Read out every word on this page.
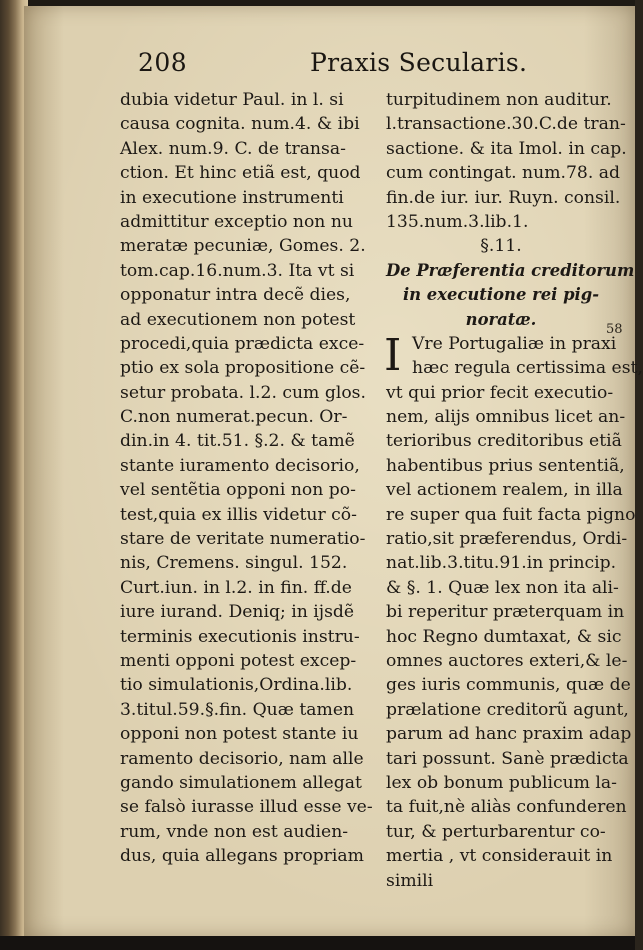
208	Praxis Secularis.
dubia videtur Paul. in l. si
causa cognita. num.4. & ibi
Alex. num.9. C. de transa-
ction. Et hinc etiã est, quod
in executione instrumenti
admittitur exceptio non nu
meratæ pecuniæ, Gomes. 2.
tom.cap.16.num.3. Ita vt si
opponatur intra decẽ dies,
ad executionem non potest
procedi,quia prædicta exce-
ptio ex sola propositione cẽ-
setur probata. l.2. cum glos.
C.non numerat.pecun. Or-
din.in 4. tit.51. §.2. & tamẽ
stante iuramento decisorio,
vel sentẽtia opponi non po-
test,quia ex illis videtur cõ-
stare de veritate numeratio-
nis, Cremens. singul. 152.
Curt.iun. in l.2. in fin. ff.de
iure iurand. Deniq; in ijsdẽ
terminis executionis instru-
menti opponi potest excep-
tio simulationis,Ordina.lib.
3.titul.59.§.fin. Quæ tamen
opponi non potest stante iu
ramento decisorio, nam alle
gando simulationem allegat
se falsò iurasse illud esse ve-
rum, vnde non est audien-
dus, quia allegans propriam
turpitudinem non auditur.
l.transactione.30.C.de tran-
sactione. & ita Imol. in cap.
cum contingat. num.78. ad
fin.de iur. iur. Ruyn. consil.
135.num.3.lib.1.
§.11.
De Præferentia creditorum
in executione rei pig-
noratæ.
I Vre Portugaliæ in praxi
hæc regula certissima est,
vt qui prior fecit executio-
nem, alijs omnibus licet an-
terioribus creditoribus etiã
habentibus prius sententiã,
vel actionem realem, in illa
re super qua fuit facta pigno
ratio,sit præferendus, Ordi-
nat.lib.3.titu.91.in princip.
& §. 1. Quæ lex non ita ali-
bi reperitur præterquam in
hoc Regno dumtaxat, & sic
omnes auctores exteri,& le-
ges iuris communis, quæ de
prælatione creditorũ agunt,
parum ad hanc praxim adap
tari possunt. Sanè prædicta
lex ob bonum publicum la-
ta fuit,nè aliàs confunderen
tur, & perturbarentur co-
mertia , vt considerauit in
simili
58
